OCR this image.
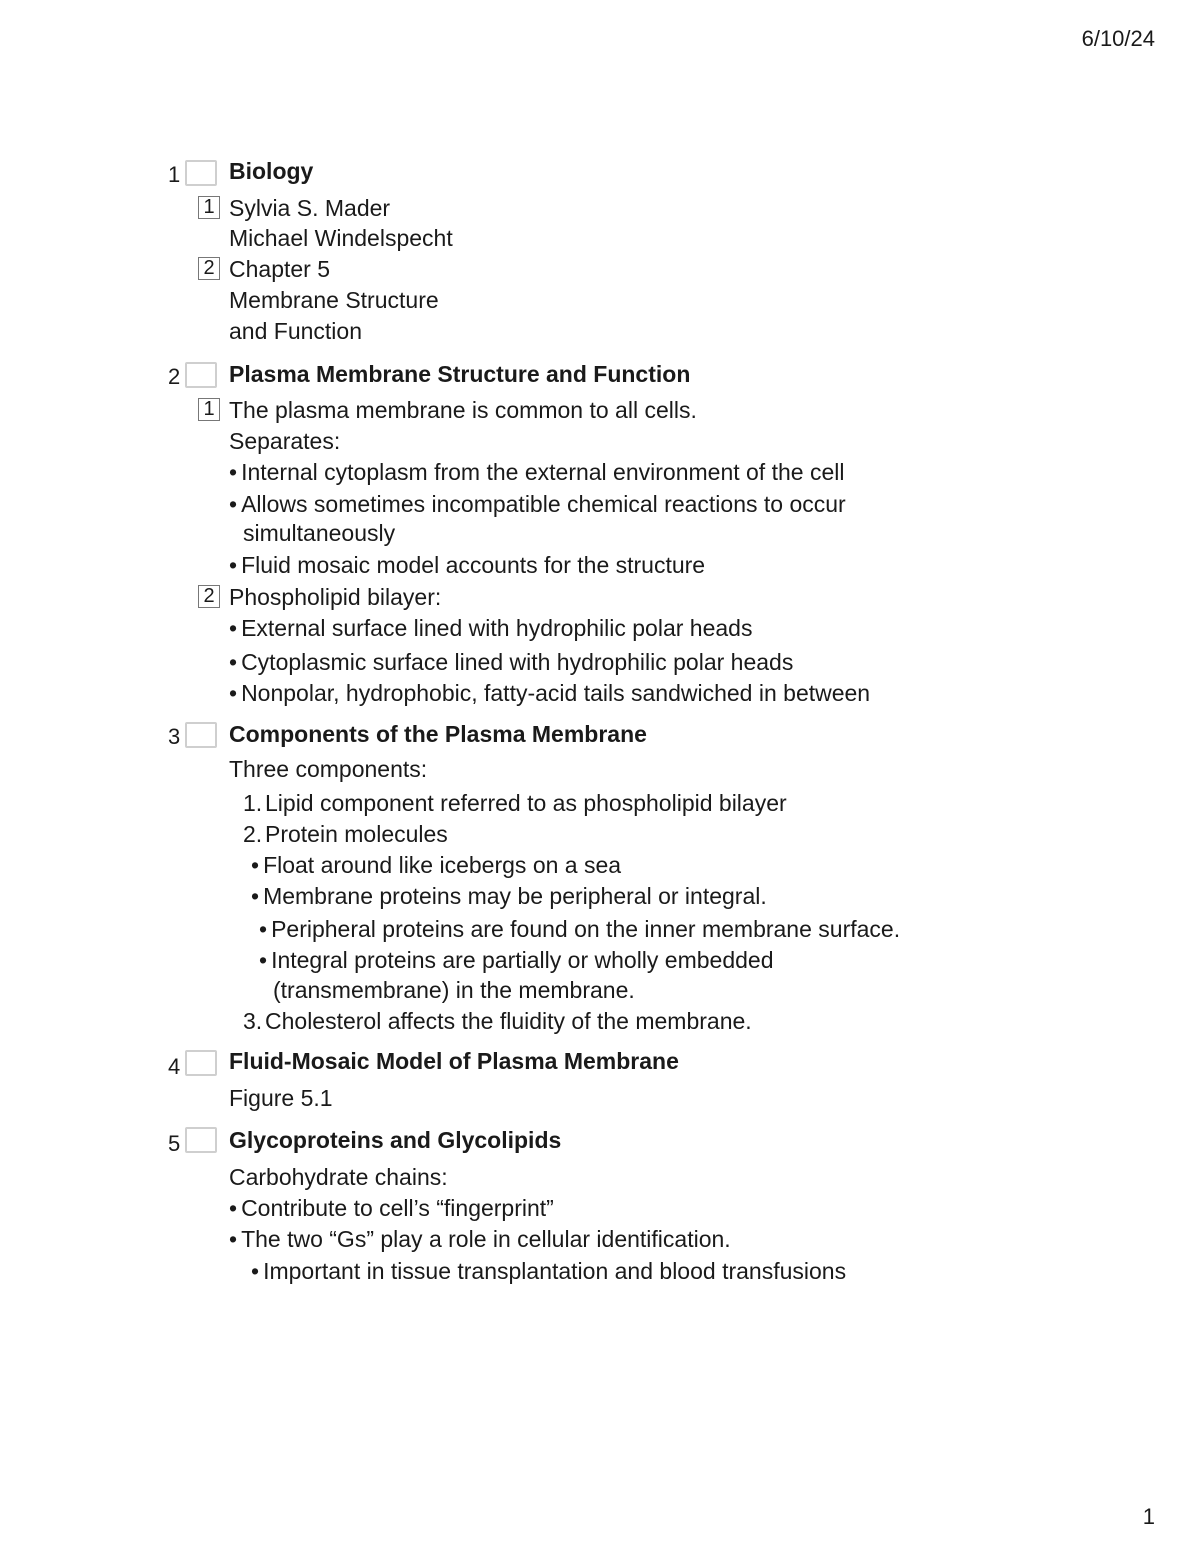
6/10/24
1 Biology
1 Sylvia S. Mader
Michael Windelspecht
2 Chapter 5
Membrane Structure
and Function
2 Plasma Membrane Structure and Function
1 The plasma membrane is common to all cells.
Separates:
• Internal cytoplasm from the external environment of the cell
• Allows sometimes incompatible chemical reactions to occur
simultaneously
• Fluid mosaic model accounts for the structure
2 Phospholipid bilayer:
• External surface lined with hydrophilic polar heads
• Cytoplasmic surface lined with hydrophilic polar heads
• Nonpolar, hydrophobic, fatty-acid tails sandwiched in between
3 Components of the Plasma Membrane
Three components:
1. Lipid component referred to as phospholipid bilayer
2. Protein molecules
• Float around like icebergs on a sea
• Membrane proteins may be peripheral or integral.
• Peripheral proteins are found on the inner membrane surface.
• Integral proteins are partially or wholly embedded
(transmembrane) in the membrane.
3. Cholesterol affects the fluidity of the membrane.
4 Fluid-Mosaic Model of Plasma Membrane
Figure 5.1
5 Glycoproteins and Glycolipids
Carbohydrate chains:
• Contribute to cell’s “fingerprint”
• The two “Gs” play a role in cellular identification.
• Important in tissue transplantation and blood transfusions
1
